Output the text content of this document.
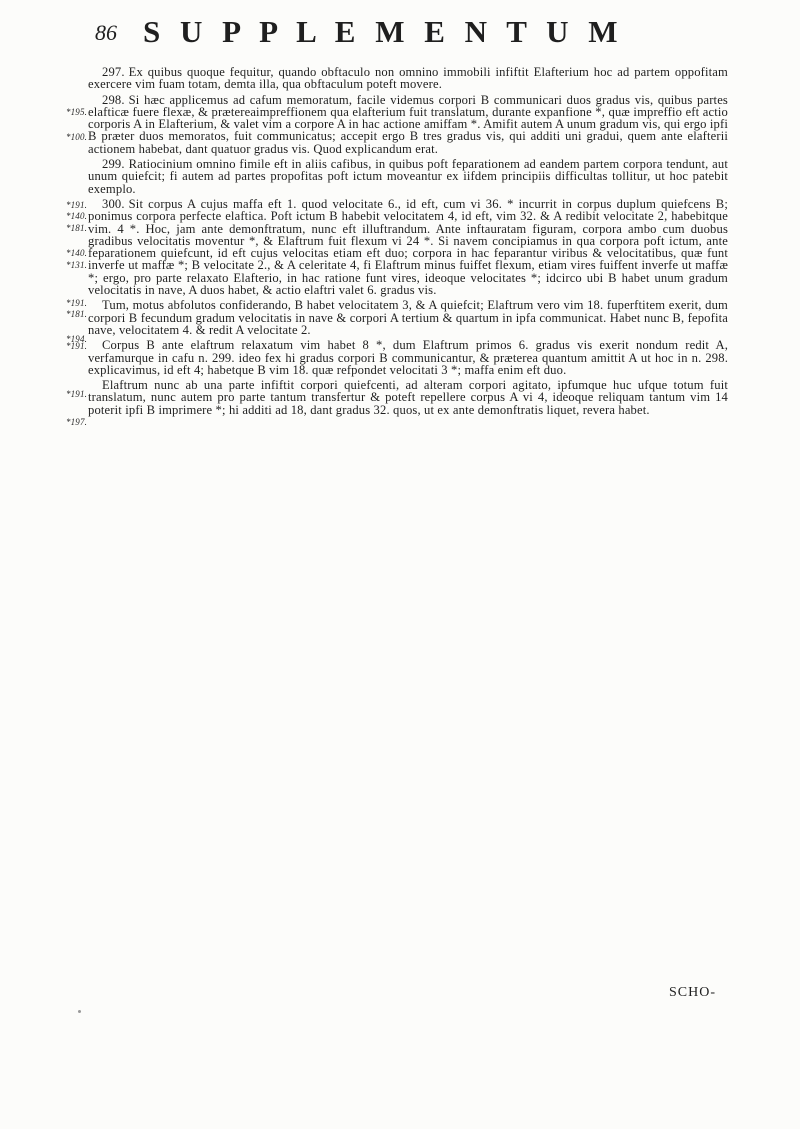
86 S U P P L E M E N T U M

297. Ex quibus quoque fequitur, quando obftaculo non omnino immobili infiftit Elafterium hoc ad partem oppofitam exercere vim fuam totam, demta illa, qua obftaculum poteft movere.

*195.
*100.
298. Si hæc applicemus ad cafum memoratum, facile videmus corpori B communicari duos gradus vis, quibus partes elafticæ fuere flexæ, & prætereaimpreffionem qua elafterium fuit translatum, durante expanfione *, quæ impreffio eft actio corporis A in Elafterium, & valet vim a corpore A in hac actione amiffam *. Amifit autem A unum gradum vis, qui ergo ipfi B præter duos memoratos, fuit communicatus; accepit ergo B tres gradus vis, qui additi uni gradui, quem ante elafterii actionem habebat, dant quatuor gradus vis. Quod explicandum erat.

299. Ratiocinium omnino fimile eft in aliis cafibus, in quibus poft feparationem ad eandem partem corpora tendunt, aut unum quiefcit; fi autem ad partes propofitas poft ictum moveantur ex iifdem principiis difficultas tollitur, ut hoc patebit exemplo.

*191.
*140.
*181.
*140.
*131.
*191.
*181.
*194.
300. Sit corpus A cujus maffa eft 1. quod velocitate 6., id eft, cum vi 36. * incurrit in corpus duplum quiefcens B; ponimus corpora perfecte elaftica. Poft ictum B habebit velocitatem 4, id eft, vim 32. & A redibit velocitate 2, habebitque vim. 4 *. Hoc, jam ante demonftratum, nunc eft illuftrandum. Ante inftauratam figuram, corpora ambo cum duobus gradibus velocitatis moventur *, & Elaftrum fuit flexum vi 24 *. Si navem concipiamus in qua corpora poft ictum, ante feparationem quiefcunt, id eft cujus velocitas etiam eft duo; corpora in hac feparantur viribus & velocitatibus, quæ funt inverfe ut maffæ *; B velocitate 2., & A celeritate 4, fi Elaftrum minus fuiffet flexum, etiam vires fuiffent inverfe ut maffæ *; ergo, pro parte relaxato Elafterio, in hac ratione funt vires, ideoque velocitates *; idcirco ubi B habet unum gradum velocitatis in nave, A duos habet, & actio elaftri valet 6. gradus vis.

Tum, motus abfolutos confiderando, B habet velocitatem 3, & A quiefcit; Elaftrum vero vim 18. fuperftitem exerit, dum corpori B fecundum gradum velocitatis in nave & corpori A tertium & quartum in ipfa communicat. Habet nunc B, fepofita nave, velocitatem 4. & redit A velocitate 2.

*191.
*191.
Corpus B ante elaftrum relaxatum vim habet 8 *, dum Elaftrum primos 6. gradus vis exerit nondum redit A, verfamurque in cafu n. 299. ideo fex hi gradus corpori B communicantur, & præterea quantum amittit A ut hoc in n. 298. explicavimus, id eft 4; habetque B vim 18. quæ refpondet velocitati 3 *; maffa enim eft duo.

*197.
Elaftrum nunc ab una parte infiftit corpori quiefcenti, ad alteram corpori agitato, ipfumque huc ufque totum fuit translatum, nunc autem pro parte tantum transfertur & poteft repellere corpus A vi 4, ideoque reliquam tantum vim 14 poterit ipfi B imprimere *; hi additi ad 18, dant gradus 32. quos, ut ex ante demonftratis liquet, revera habet.

SCHO-
